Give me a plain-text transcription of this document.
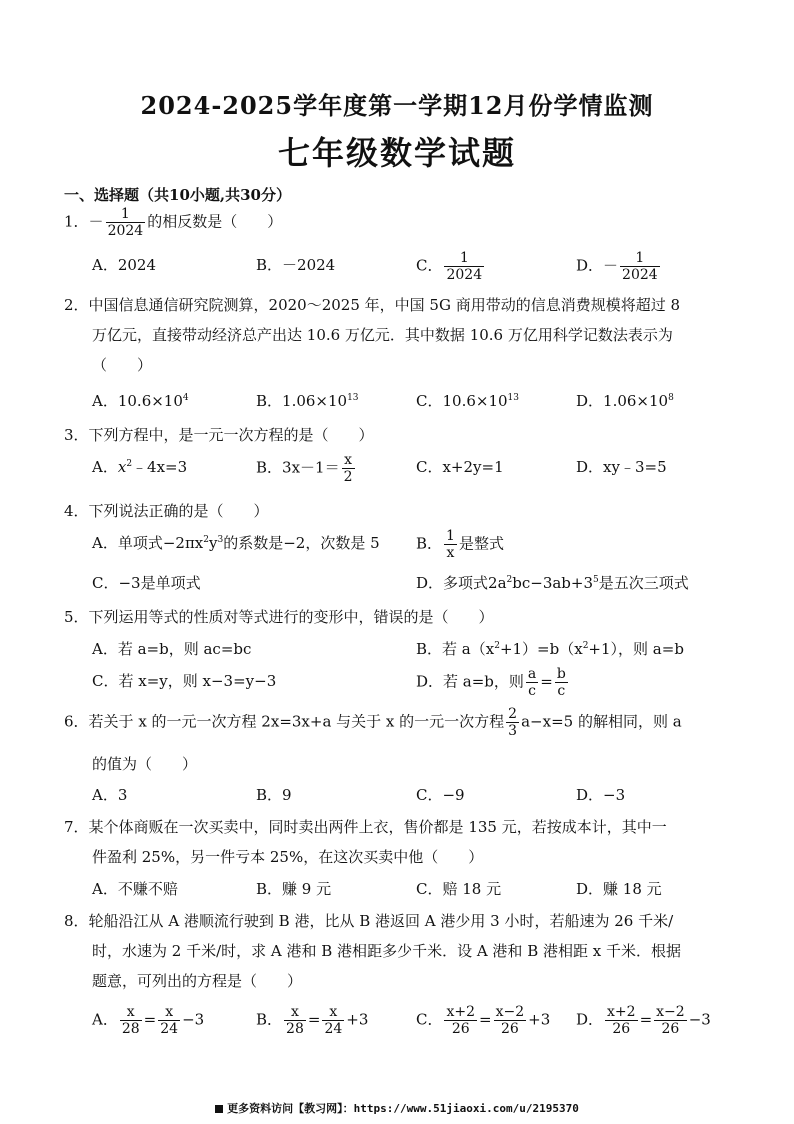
2024-2025学年度第一学期12月份学情监测
七年级数学试题
一、选择题（共10小题,共30分）
1．－ $\frac{1}{2024}$ 的相反数是（　　）
A．2024	B．－2024	C． $\frac{1}{2024}$	D．－ $\frac{1}{2024}$
2．中国信息通信研究院测算，2020～2025 年，中国 5G 商用带动的信息消费规模将超过 8
万亿元，直接带动经济总产出达 10.6 万亿元．其中数据 10.6 万亿用科学记数法表示为
（　　）
A．$10.6\times 10^4$	B．$1.06\times 10^{13}$	C．$10.6\times 10^{13}$	D．$1.06\times 10^8$
3．下列方程中，是一元一次方程的是（　　）
A．$x^2﹣4x=3$	B．$3x-1= \frac{x}{2}$	C．x+2y=1	D．xy﹣3=5
4．下列说法正确的是（　　）
A．单项式$-2\pi x^2y^3$的系数是−2，次数是 5 B． $\frac{1}{x}$ 是整式
C．−3是单项式	D．多项式$2a^2bc-3ab+3^5$是五次三项式
5．下列运用等式的性质对等式进行的变形中，错误的是（　　）
A．若 a=b，则 ac=bc	B．若 $a(x^2+1)=b(x^2+1)$，则 a=b
C．若 x=y，则 x−3=y−3	D．若 a=b，则 $\frac{a}{c} = \frac{b}{c}$
6．若关于 x 的一元一次方程 2x=3x+a 与关于 x 的一元一次方程 $\frac{2}{3} a-x=5$ 的解相同，则 a
的值为（　　）
A．3	B．9	C．−9	D．−3
7．某个体商贩在一次买卖中，同时卖出两件上衣，售价都是 135 元，若按成本计，其中一
件盈利 25%，另一件亏本 25%，在这次买卖中他（　　）
A．不赚不赔	B．赚 9 元	C．赔 18 元	D．赚 18 元
8．轮船沿江从 A 港顺流行驶到 B 港，比从 B 港返回 A 港少用 3 小时，若船速为 26 千米/
时，水速为 2 千米/时，求 A 港和 B 港相距多少千米．设 A 港和 B 港相距 x 千米．根据
题意，可列出的方程是（　　）
A． $\frac{x}{28} = \frac{x}{24} -3$	B． $\frac{x}{28} = \frac{x}{24} +3$	C． $\frac{x+2}{26} = \frac{x-2}{26} +3$ D． $\frac{x+2}{26} = \frac{x-2}{26} -3$
更多资料访问【教习网】：https://www.51jiaoxi.com/u/2195370
